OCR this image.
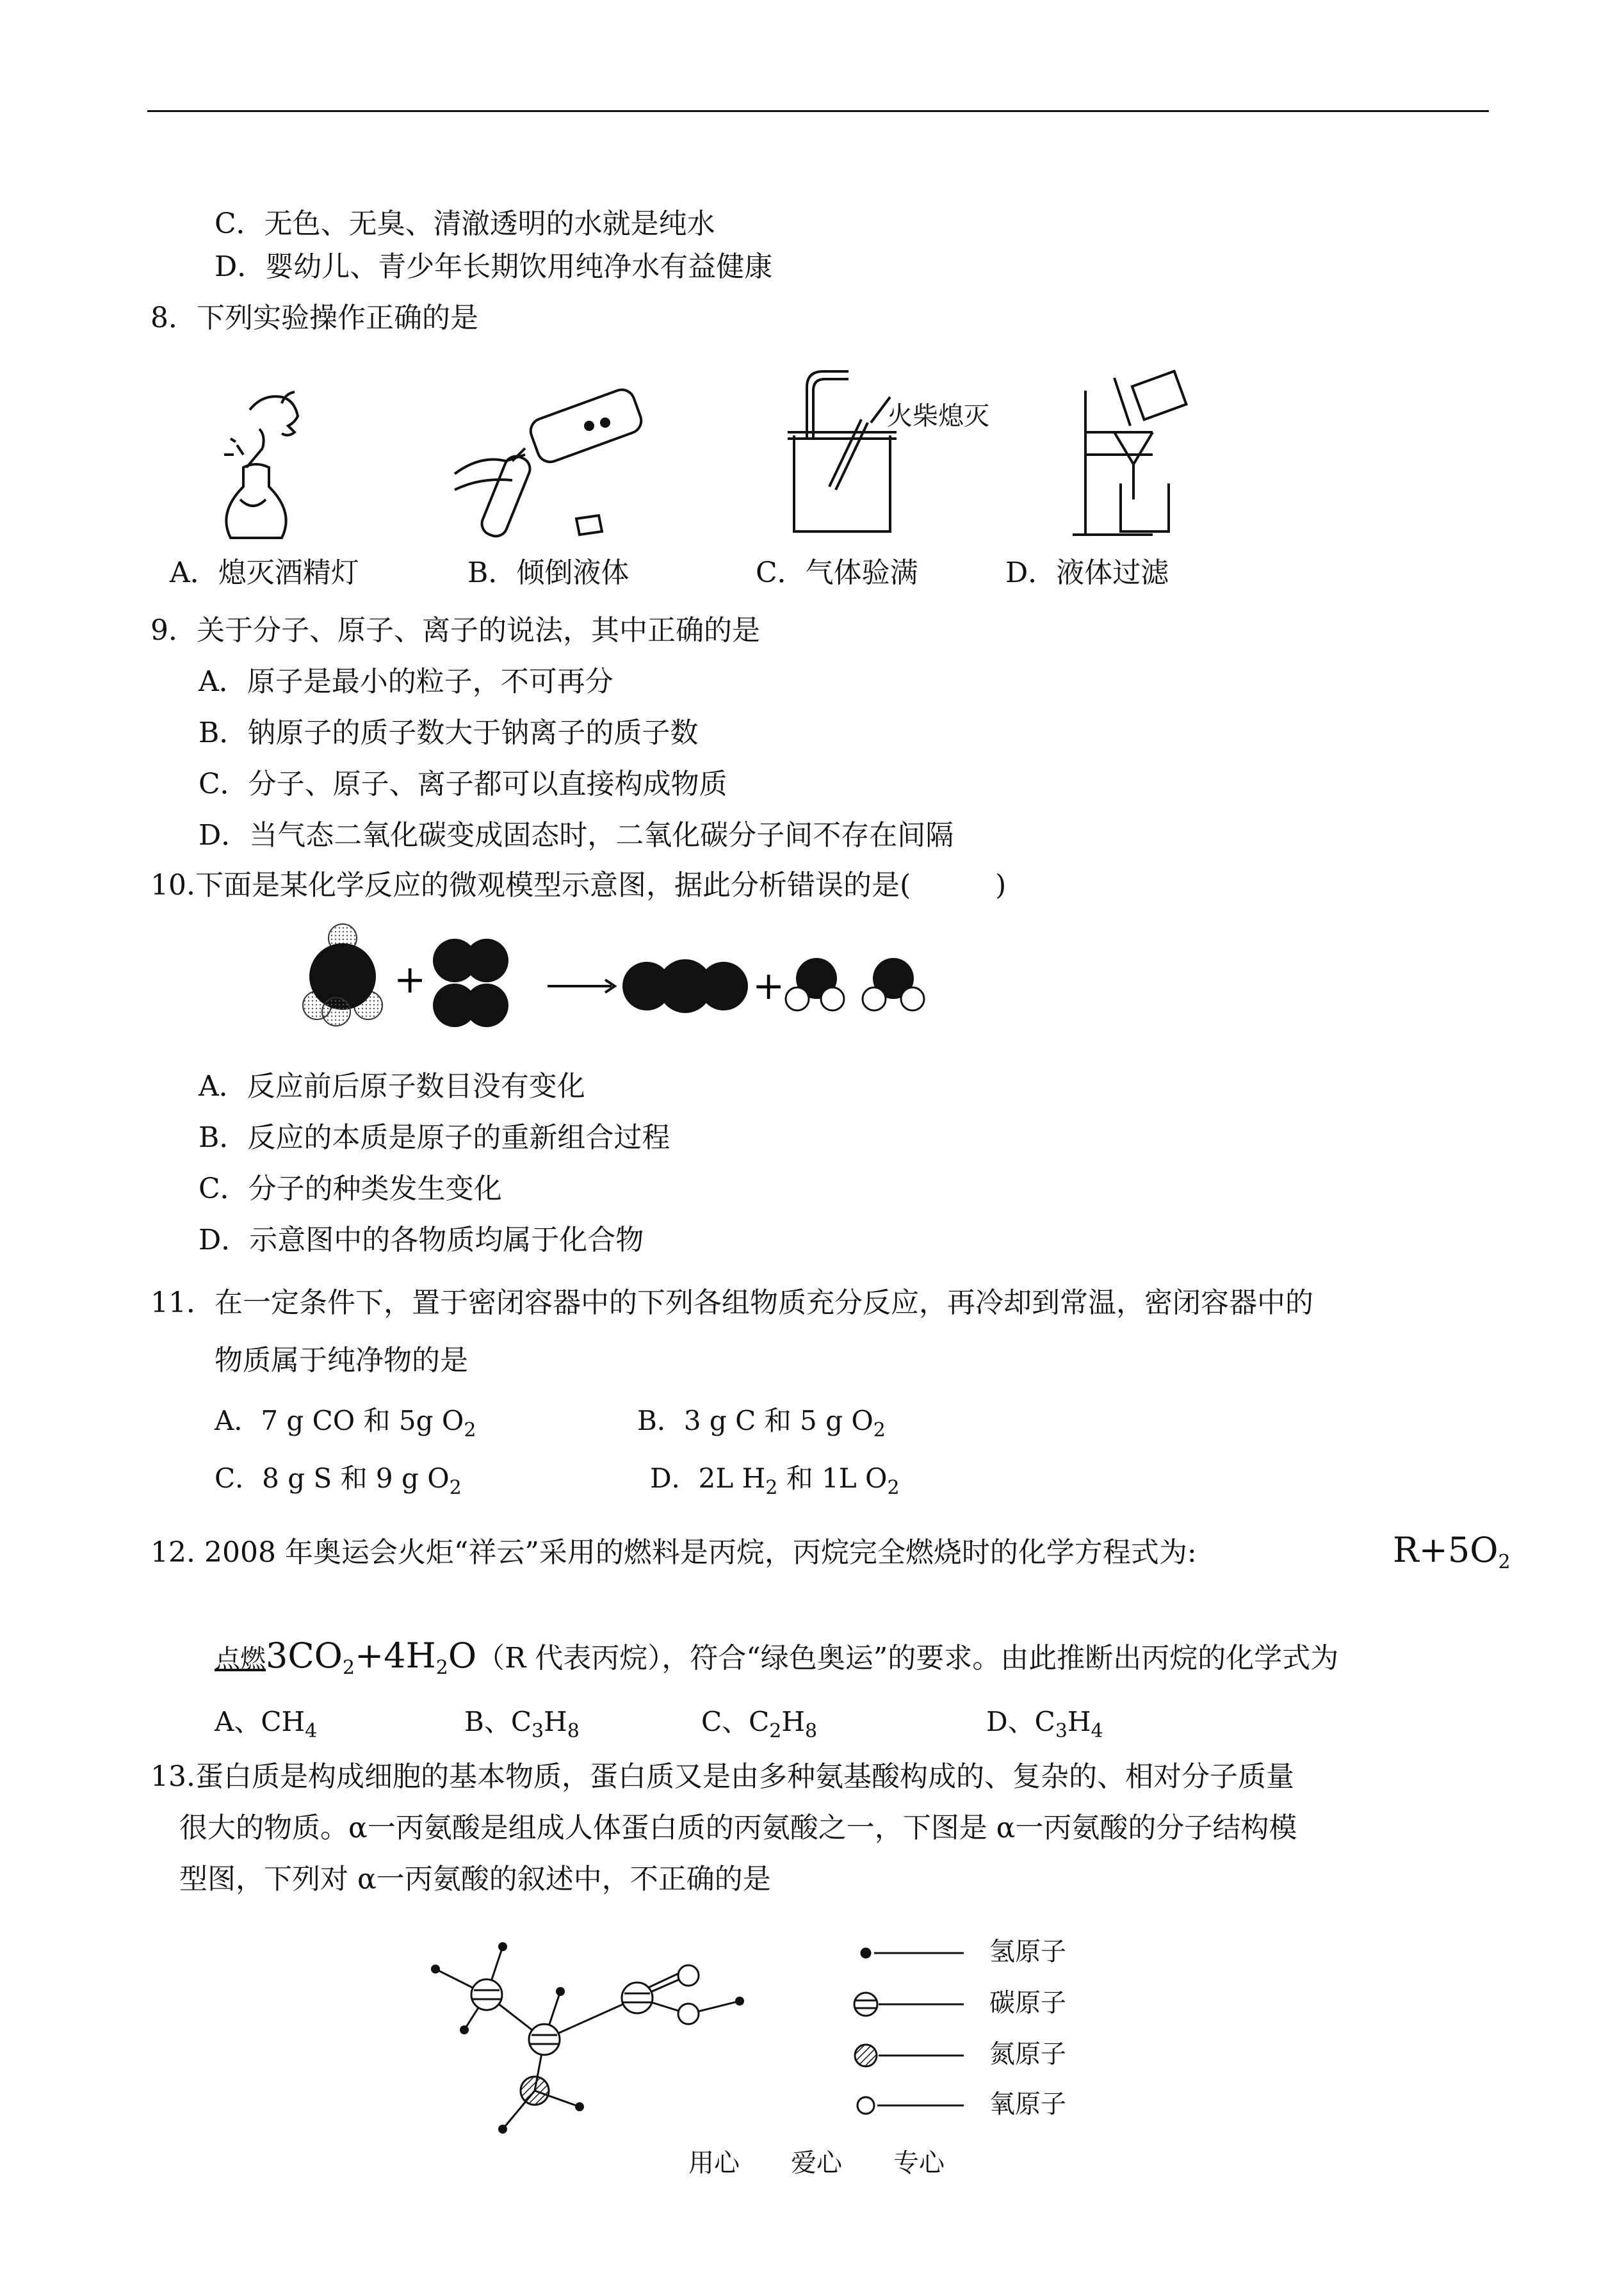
C．无色、无臭、清澈透明的水就是纯水
D．婴幼儿、青少年长期饮用纯净水有益健康
8．下列实验操作正确的是
火柴熄灭
A．熄灭酒精灯	B．倾倒液体	C．气体验满	D．液体过滤
9．关于分子、原子、离子的说法，其中正确的是
A．原子是最小的粒子，不可再分
B．钠原子的质子数大于钠离子的质子数
C．分子、原子、离子都可以直接构成物质
D．当气态二氧化碳变成固态时，二氧化碳分子间不存在间隔
10.下面是某化学反应的微观模型示意图，据此分析错误的是(　　　)
+	+
A．反应前后原子数目没有变化
B．反应的本质是原子的重新组合过程
C．分子的种类发生变化
D．示意图中的各物质均属于化合物
11．在一定条件下，置于密闭容器中的下列各组物质充分反应，再冷却到常温，密闭容器中的
物质属于纯净物的是
A．7 g CO 和 5g $O_2$	B．3 g C 和 5 g $O_2$
C．8 g S 和 9 g $O_2$	D．2L $H_2$ 和 1L $O_2$
12. 2008 年奥运会火炬“祥云”采用的燃料是丙烷，丙烷完全燃烧时的化学方程式为:	$R+5O_2$
点燃$3CO_2+4H_2O(R$ 代表丙烷），符合“绿色奥运”的要求。由此推断出丙烷的化学式为
A、$CH_4$	B、$C_3H_8$	C、$C_2H_8$	D、$C_3H_4$
13.蛋白质是构成细胞的基本物质，蛋白质又是由多种氨基酸构成的、复杂的、相对分子质量
很大的物质。α一丙氨酸是组成人体蛋白质的丙氨酸之一，下图是 α一丙氨酸的分子结构模
型图，下列对 α一丙氨酸的叙述中，不正确的是
氢原子
碳原子
氮原子
氧原子
用心　　爱心　　专心
